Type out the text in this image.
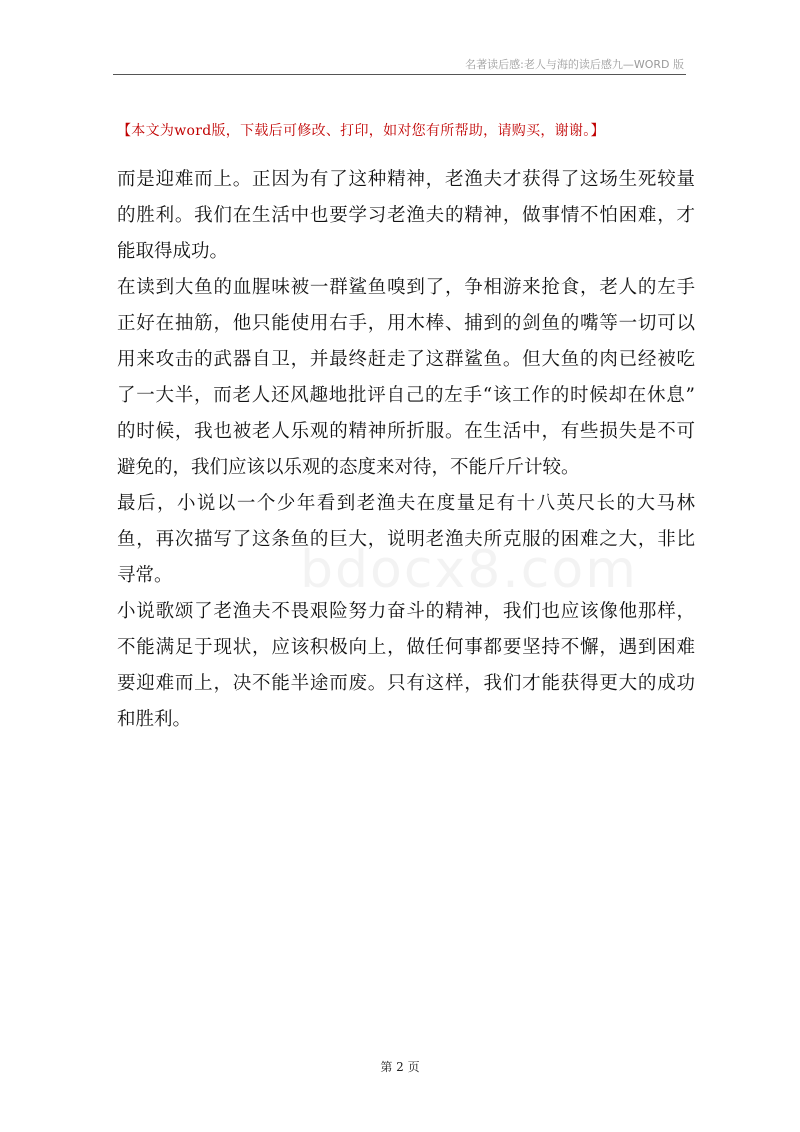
名著读后感:老人与海的读后感九—WORD 版
【本文为word版，下载后可修改、打印，如对您有所帮助，请购买，谢谢。】
bdocx8.com

而是迎难而上。正因为有了这种精神，老渔夫才获得了这场生死较量
的胜利。我们在生活中也要学习老渔夫的精神，做事情不怕困难，才
能取得成功。

在读到大鱼的血腥味被一群鲨鱼嗅到了，争相游来抢食，老人的左手
正好在抽筋，他只能使用右手，用木棒、捕到的剑鱼的嘴等一切可以
用来攻击的武器自卫，并最终赶走了这群鲨鱼。但大鱼的肉已经被吃
了一大半，而老人还风趣地批评自己的左手“该工作的时候却在休息”
的时候，我也被老人乐观的精神所折服。在生活中，有些损失是不可
避免的，我们应该以乐观的态度来对待，不能斤斤计较。

最后，小说以一个少年看到老渔夫在度量足有十八英尺长的大马林
鱼，再次描写了这条鱼的巨大，说明老渔夫所克服的困难之大，非比
寻常。

小说歌颂了老渔夫不畏艰险努力奋斗的精神，我们也应该像他那样，
不能满足于现状，应该积极向上，做任何事都要坚持不懈，遇到困难
要迎难而上，决不能半途而废。只有这样，我们才能获得更大的成功
和胜利。

第 2 页
